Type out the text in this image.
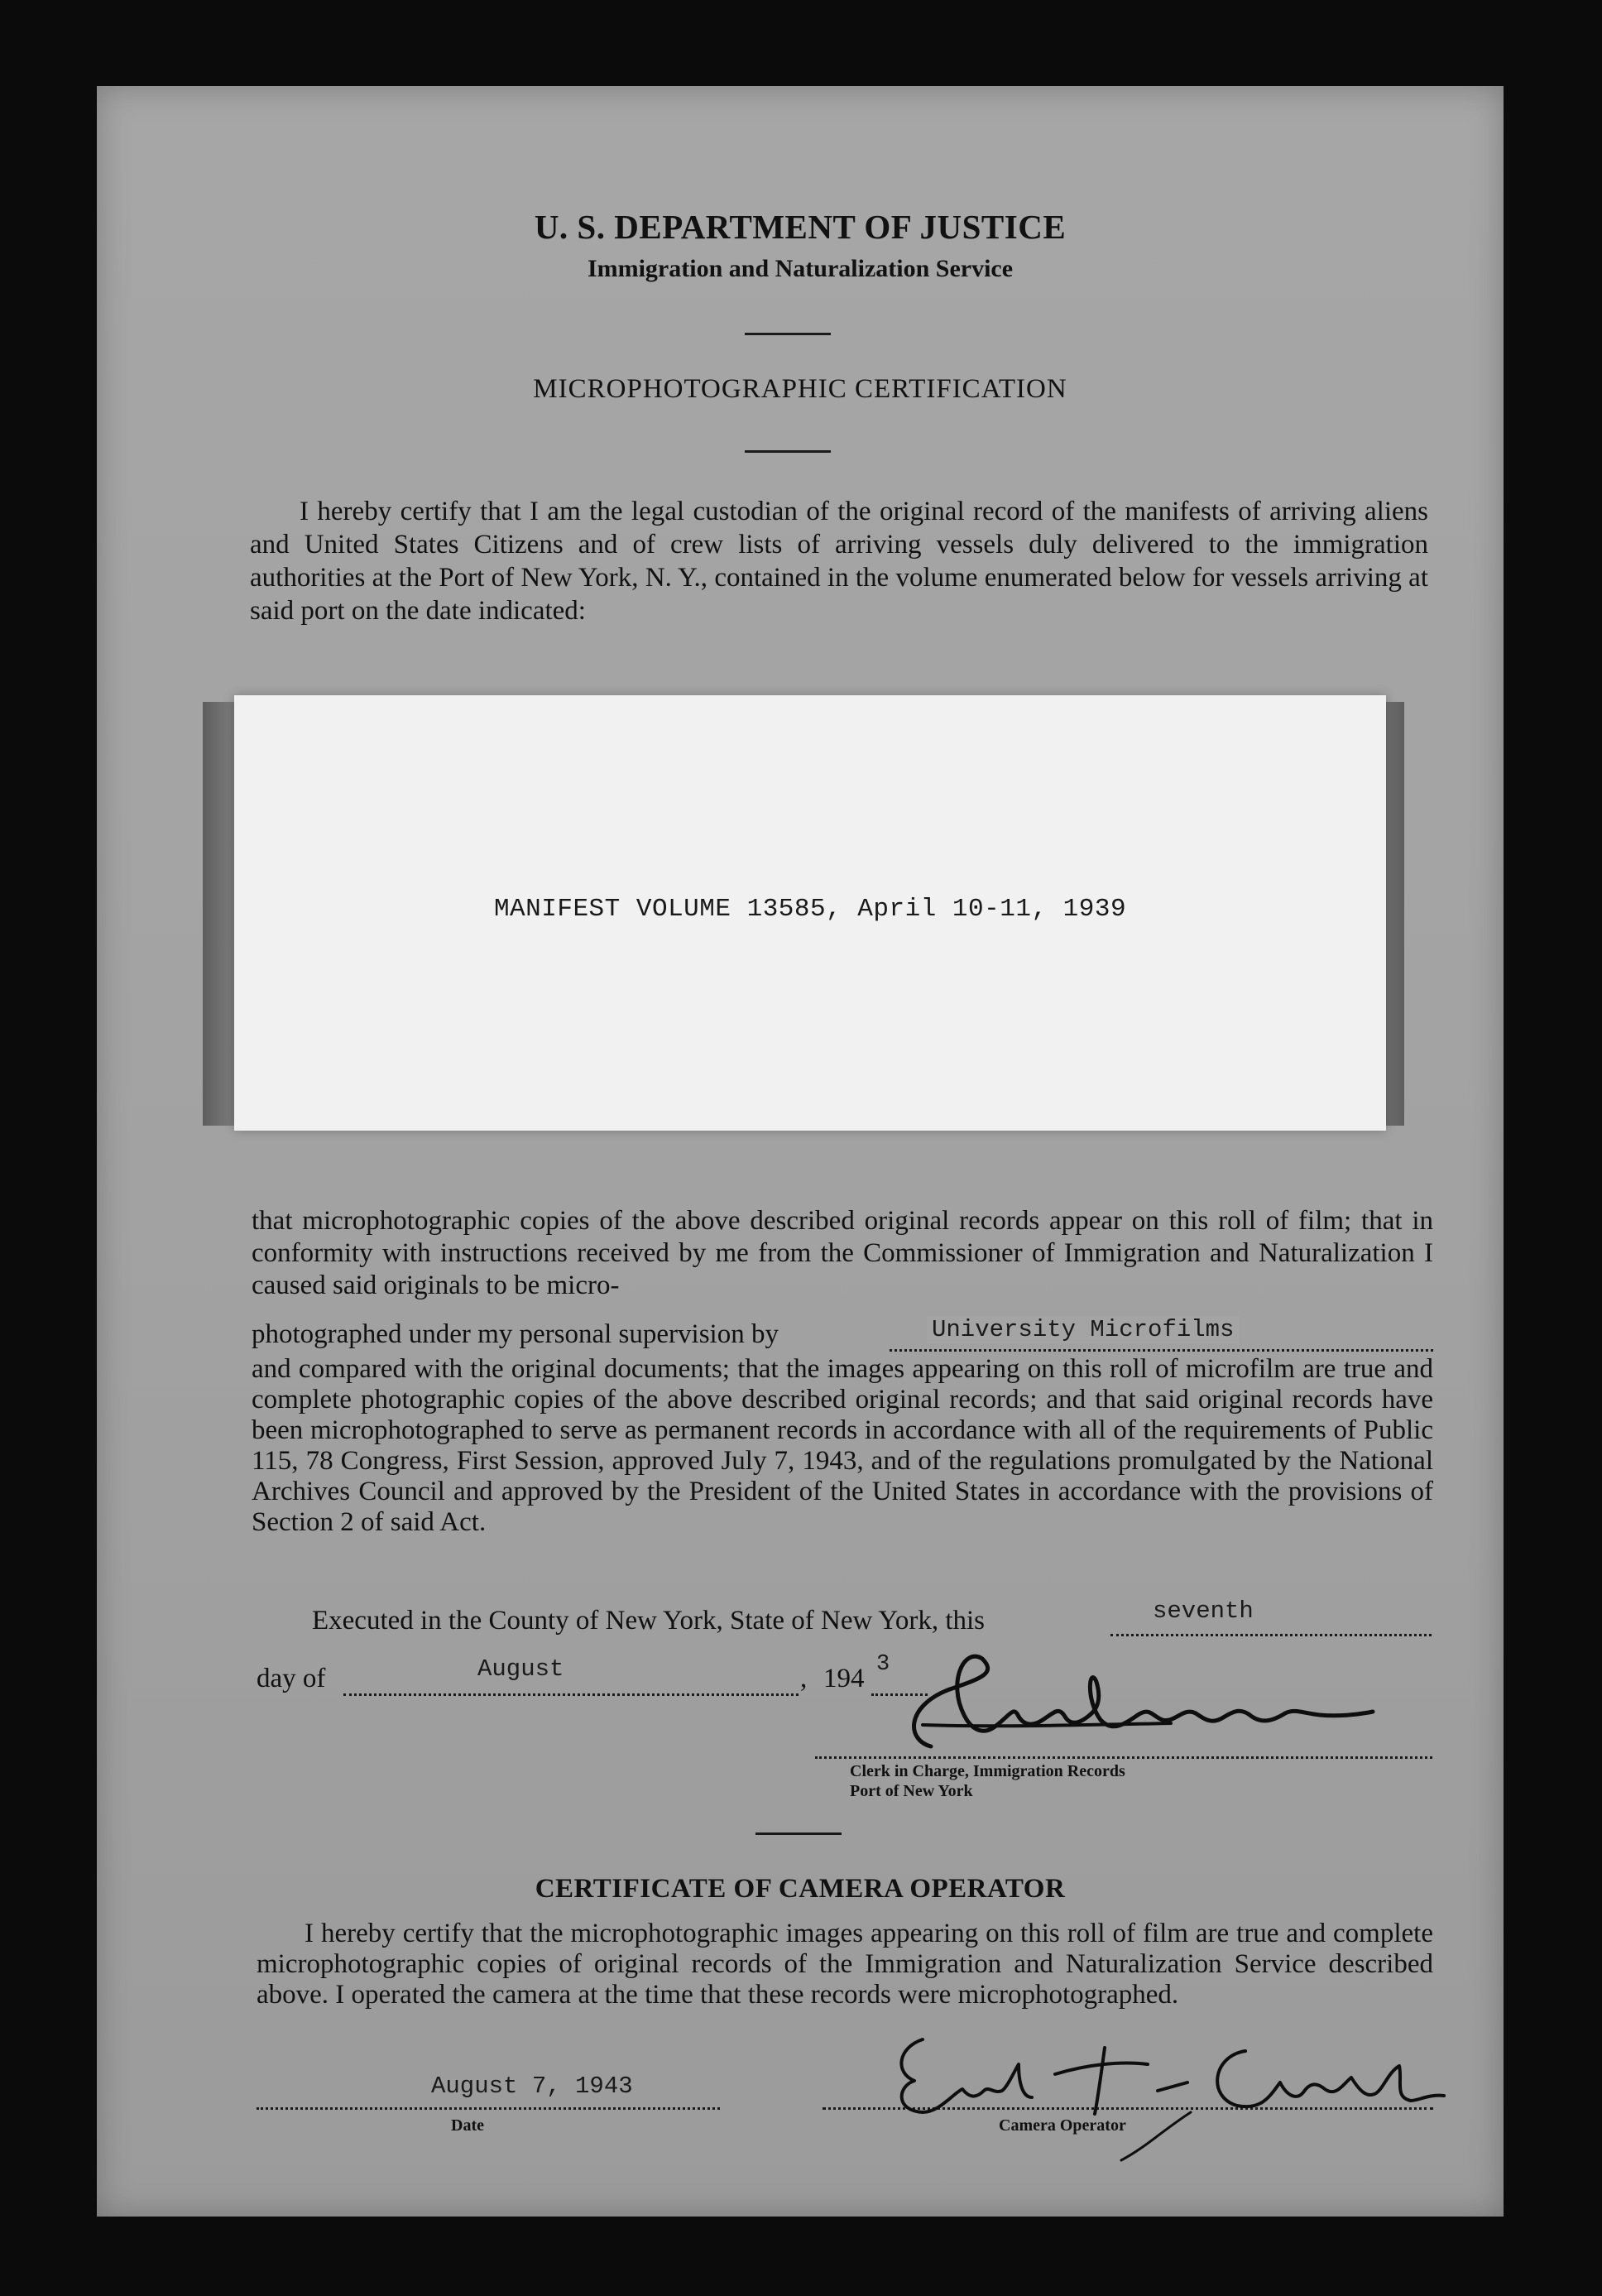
U. S. DEPARTMENT OF JUSTICE
Immigration and Naturalization Service
MICROPHOTOGRAPHIC CERTIFICATION
I hereby certify that I am the legal custodian of the original record of the manifests of arriving aliens and United States Citizens and of crew lists of arriving vessels duly delivered to the immigration authorities at the Port of New York, N. Y., contained in the volume enumerated below for vessels arriving at said port on the date indicated:
MANIFEST VOLUME 13585, April 10-11, 1939
that microphotographic copies of the above described original records appear on this roll of film; that in conformity with instructions received by me from the Commissioner of Immigration and Naturalization I caused said originals to be micro-
photographed under my personal supervision by	University Microfilms
and compared with the original documents; that the images appearing on this roll of microfilm are true and complete photographic copies of the above described original records; and that said original records have been microphotographed to serve as permanent records in accordance with all of the requirements of Public 115, 78 Congress, First Session, approved July 7, 1943, and of the regulations promulgated by the National Archives Council and approved by the President of the United States in accordance with the provisions of Section 2 of said Act.
Executed in the County of New York, State of New York, this	seventh
day of	August	, 194 3
Clerk in Charge, Immigration Records
Port of New York
CERTIFICATE OF CAMERA OPERATOR
I hereby certify that the microphotographic images appearing on this roll of film are true and complete microphotographic copies of original records of the Immigration and Naturalization Service described above. I operated the camera at the time that these records were microphotographed.
August 7, 1943
Date	Camera Operator
